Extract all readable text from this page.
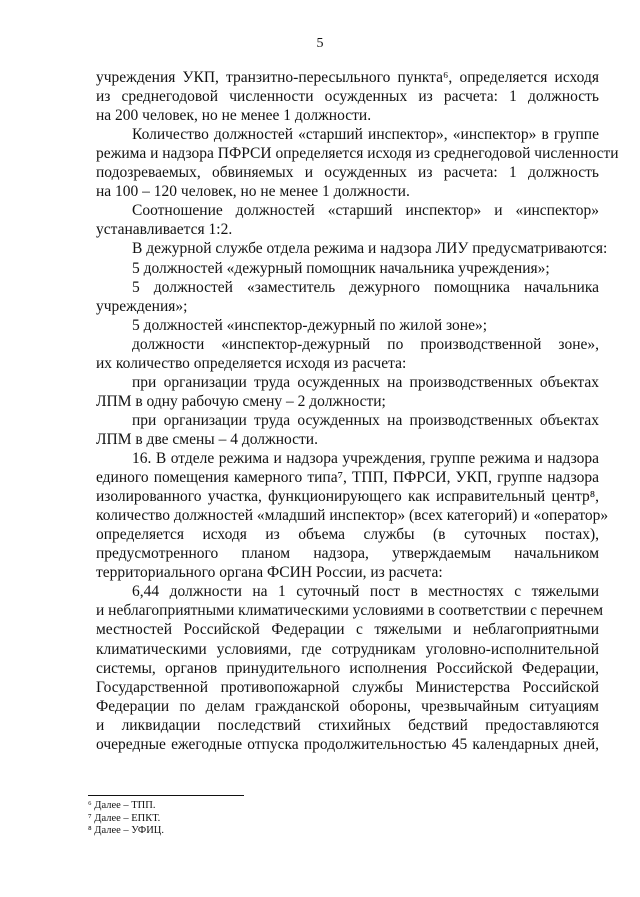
5
учреждения УКП, транзитно-пересыльного пункта⁶, определяется исходя
из среднегодовой численности осужденных из расчета: 1 должность
на 200 человек, но не менее 1 должности.
Количество должностей «старший инспектор», «инспектор» в группе
режима и надзора ПФРСИ определяется исходя из среднегодовой численности
подозреваемых, обвиняемых и осужденных из расчета: 1 должность
на 100 – 120 человек, но не менее 1 должности.
Соотношение должностей «старший инспектор» и «инспектор»
устанавливается 1:2.
В дежурной службе отдела режима и надзора ЛИУ предусматриваются:
5 должностей «дежурный помощник начальника учреждения»;
5 должностей «заместитель дежурного помощника начальника
учреждения»;
5 должностей «инспектор-дежурный по жилой зоне»;
должности «инспектор-дежурный по производственной зоне»,
их количество определяется исходя из расчета:
при организации труда осужденных на производственных объектах
ЛПМ в одну рабочую смену – 2 должности;
при организации труда осужденных на производственных объектах
ЛПМ в две смены – 4 должности.
16. В отделе режима и надзора учреждения, группе режима и надзора
единого помещения камерного типа⁷, ТПП, ПФРСИ, УКП, группе надзора
изолированного участка, функционирующего как исправительный центр⁸,
количество должностей «младший инспектор» (всех категорий) и «оператор»
определяется исходя из объема службы (в суточных постах),
предусмотренного планом надзора, утверждаемым начальником
территориального органа ФСИН России, из расчета:
6,44 должности на 1 суточный пост в местностях с тяжелыми
и неблагоприятными климатическими условиями в соответствии с перечнем
местностей Российской Федерации с тяжелыми и неблагоприятными
климатическими условиями, где сотрудникам уголовно-исполнительной
системы, органов принудительного исполнения Российской Федерации,
Государственной противопожарной службы Министерства Российской
Федерации по делам гражданской обороны, чрезвычайным ситуациям
и ликвидации последствий стихийных бедствий предоставляются
очередные ежегодные отпуска продолжительностью 45 календарных дней,
⁶ Далее – ТПП.
⁷ Далее – ЕПКТ.
⁸ Далее – УФИЦ.
